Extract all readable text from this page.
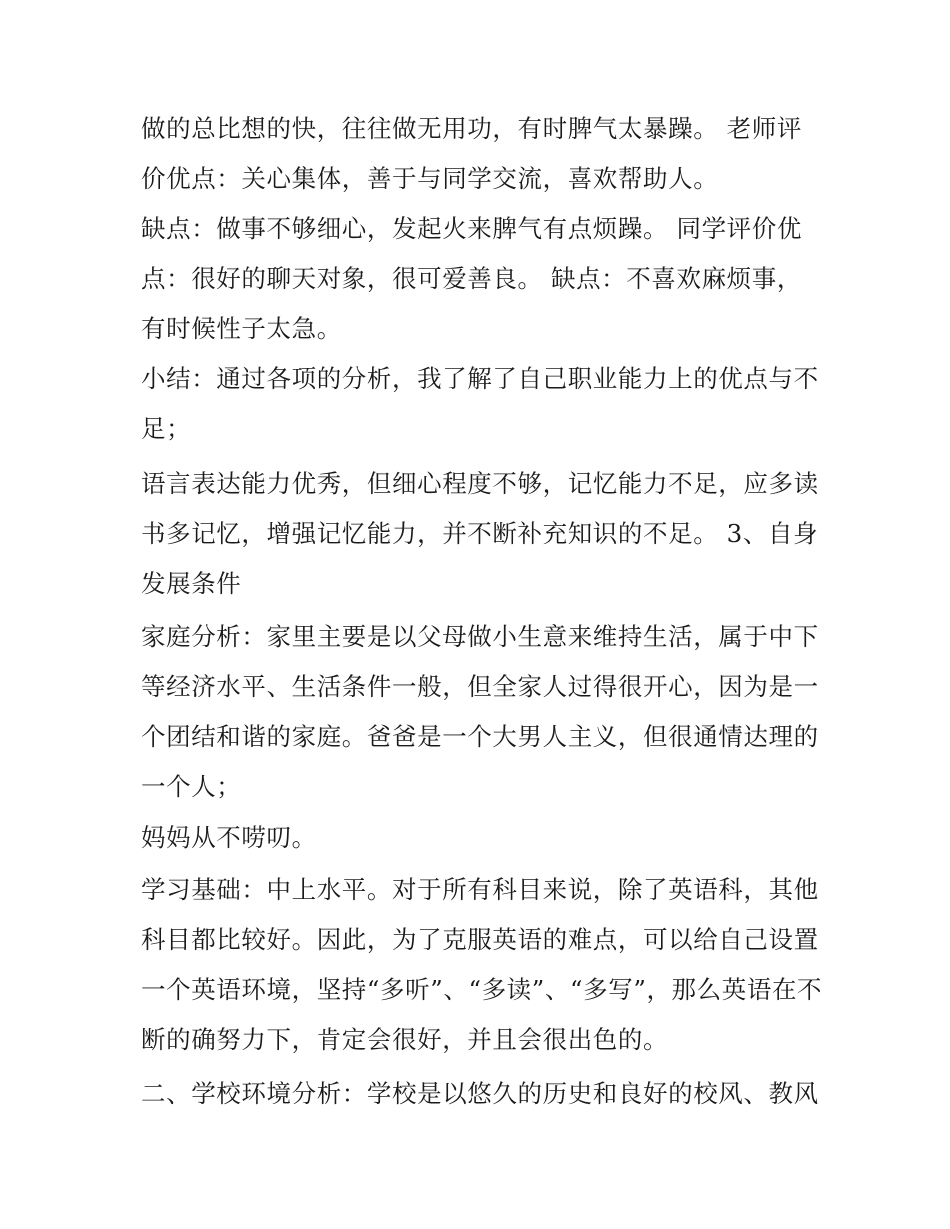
做的总比想的快，往往做无用功，有时脾气太暴躁。 老师评
价优点：关心集体，善于与同学交流，喜欢帮助人。
缺点：做事不够细心，发起火来脾气有点烦躁。 同学评价优
点：很好的聊天对象，很可爱善良。 缺点：不喜欢麻烦事，
有时候性子太急。
小结：通过各项的分析，我了解了自己职业能力上的优点与不
足；
语言表达能力优秀，但细心程度不够，记忆能力不足，应多读
书多记忆，增强记忆能力，并不断补充知识的不足。 3、自身
发展条件
家庭分析：家里主要是以父母做小生意来维持生活，属于中下
等经济水平、生活条件一般，但全家人过得很开心，因为是一
个团结和谐的家庭。爸爸是一个大男人主义，但很通情达理的
一个人；
妈妈从不唠叨。
学习基础：中上水平。对于所有科目来说，除了英语科，其他
科目都比较好。因此，为了克服英语的难点，可以给自己设置
一个英语环境，坚持“多听”、“多读”、“多写”，那么英语在不
断的确努力下，肯定会很好，并且会很出色的。
二、学校环境分析：学校是以悠久的历史和良好的校风、教风
